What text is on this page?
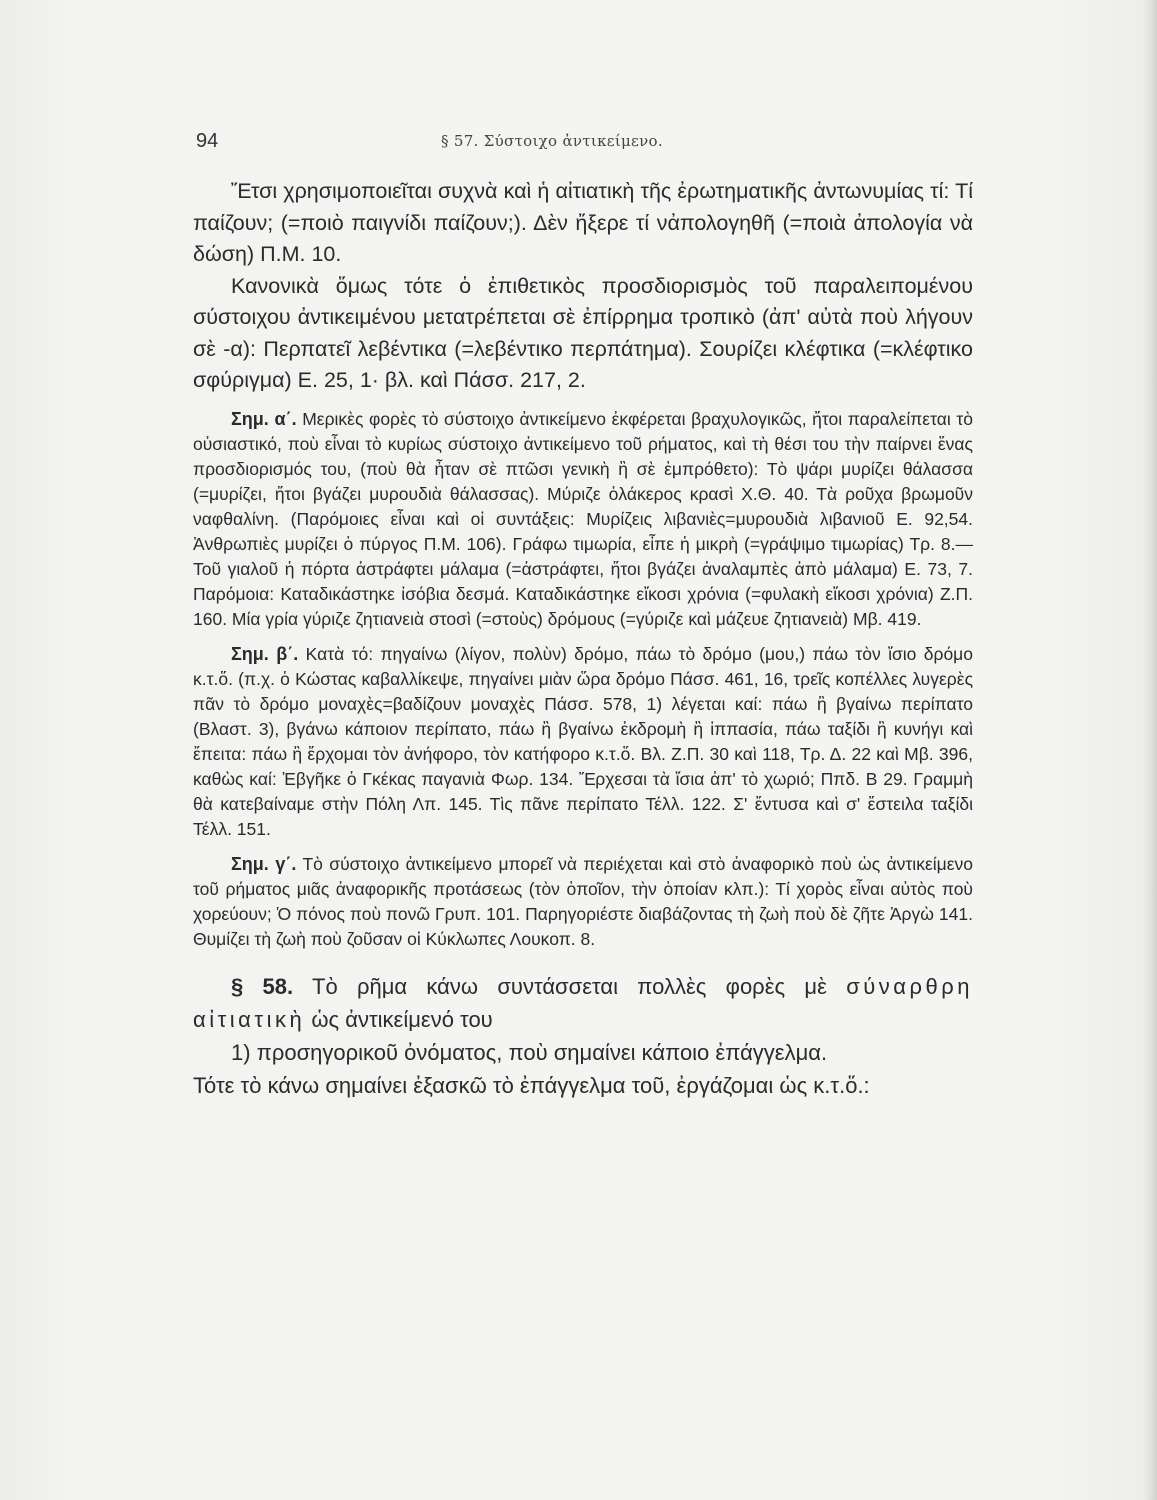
94	§ 57. Σύστοιχο ἀντικείμενο.

Ἔτσι χρησιμοποιεῖται συχνὰ καὶ ἡ αἰτιατικὴ τῆς ἐρωτηματικῆς ἀντωνυμίας τί: Τί παίζουν; (=ποιὸ παιγνίδι παίζουν;). Δὲν ἤξερε τί νἀπολογηθῆ (=ποιὰ ἀπολογία νὰ δώση) Π.Μ. 10.

Κανονικὰ ὅμως τότε ὁ ἐπιθετικὸς προσδιορισμὸς τοῦ παραλειπομένου σύστοιχου ἀντικειμένου μετατρέπεται σὲ ἐπίρρημα τροπικὸ (ἀπ' αὐτὰ ποὺ λήγουν σὲ -α): Περπατεῖ λεβέντικα (=λεβέντικο περπάτημα). Σουρίζει κλέφτικα (=κλέφτικο σφύριγμα) Ε. 25, 1· βλ. καὶ Πάσσ. 217, 2.

Σημ. α΄. Μερικὲς φορὲς τὸ σύστοιχο ἀντικείμενο ἐκφέρεται βραχυλογικῶς, ἤτοι παραλείπεται τὸ οὐσιαστικό, ποὺ εἶναι τὸ κυρίως σύστοιχο ἀντικείμενο τοῦ ρήματος, καὶ τὴ θέσι του τὴν παίρνει ἕνας προσδιορισμός του, (ποὺ θὰ ἦταν σὲ πτῶσι γενικὴ ἢ σὲ ἐμπρόθετο): Τὸ ψάρι μυρίζει θάλασσα (=μυρίζει, ἤτοι βγάζει μυρουδιὰ θάλασσας). Μύριζε ὀλάκερος κρασὶ Χ.Θ. 40. Τὰ ροῦχα βρωμοῦν ναφθαλίνη. (Παρόμοιες εἶναι καὶ οἱ συντάξεις: Μυρίζεις λιβανιὲς=μυρουδιὰ λιβανιοῦ Ε. 92,54. Ἀνθρωπιὲς μυρίζει ὁ πύργος Π.Μ. 106). Γράφω τιμωρία, εἶπε ἡ μικρὴ (=γράψιμο τιμωρίας) Τρ. 8.— Τοῦ γιαλοῦ ἡ πόρτα ἀστράφτει μάλαμα (=ἀστράφτει, ἤτοι βγάζει ἀναλαμπὲς ἀπὸ μάλαμα) Ε. 73, 7. Παρόμοια: Καταδικάστηκε ἰσόβια δεσμά. Καταδικάστηκε εἴκοσι χρόνια (=φυλακὴ εἴκοσι χρόνια) Ζ.Π. 160. Μία γρία γύριζε ζητιανειὰ στοσὶ (=στοὺς) δρόμους (=γύριζε καὶ μάζευε ζητιανειὰ) Μβ. 419.

Σημ. β΄. Κατὰ τό: πηγαίνω (λίγον, πολὺν) δρόμο, πάω τὸ δρόμο (μου,) πάω τὸν ἴσιο δρόμο κ.τ.ὅ. (π.χ. ὁ Κώστας καβαλλίκεψε, πηγαίνει μιὰν ὥρα δρόμο Πάσσ. 461, 16, τρεῖς κοπέλλες λυγερὲς πᾶν τὸ δρόμο μοναχὲς=βαδίζουν μοναχὲς Πάσσ. 578, 1) λέγεται καί: πάω ἢ βγαίνω περίπατο (Βλαστ. 3), βγάνω κάποιον περίπατο, πάω ἢ βγαίνω ἐκδρομὴ ἢ ἱππασία, πάω ταξίδι ἢ κυνήγι καὶ ἔπειτα: πάω ἢ ἔρχομαι τὸν ἀνήφορο, τὸν κατήφορο κ.τ.ὅ. Βλ. Ζ.Π. 30 καὶ 118, Τρ. Δ. 22 καὶ Μβ. 396, καθὼς καί: Ἐβγῆκε ὁ Γκέκας παγανιὰ Φωρ. 134. Ἔρχεσαι τὰ ἴσια ἀπ' τὸ χωριό; Ππδ. Β 29. Γραμμὴ θὰ κατεβαίναμε στὴν Πόλη Λπ. 145. Τὶς πᾶνε περίπατο Τέλλ. 122. Σ' ἔντυσα καὶ σ' ἔστειλα ταξίδι Τέλλ. 151.

Σημ. γ΄. Τὸ σύστοιχο ἀντικείμενο μπορεῖ νὰ περιέχεται καὶ στὸ ἀναφορικὸ ποὺ ὡς ἀντικείμενο τοῦ ρήματος μιᾶς ἀναφορικῆς προτάσεως (τὸν ὁποῖον, τὴν ὁποίαν κλπ.): Τί χορὸς εἶναι αὐτὸς ποὺ χορεύουν; Ὁ πόνος ποὺ πονῶ Γρυπ. 101. Παρηγοριέστε διαβάζοντας τὴ ζωὴ ποὺ δὲ ζῆτε Ἀργὼ 141. Θυμίζει τὴ ζωὴ ποὺ ζοῦσαν οἱ Κύκλωπες Λουκοπ. 8.

§ 58. Τὸ ρῆμα κάνω συντάσσεται πολλὲς φορὲς μὲ σύναρθρη αἰτιατικὴ ὡς ἀντικείμενό του

1) προσηγορικοῦ ὀνόματος, ποὺ σημαίνει κάποιο ἐπάγγελμα.

Τότε τὸ κάνω σημαίνει ἐξασκῶ τὸ ἐπάγγελμα τοῦ, ἐργάζομαι ὡς κ.τ.ὅ.:
